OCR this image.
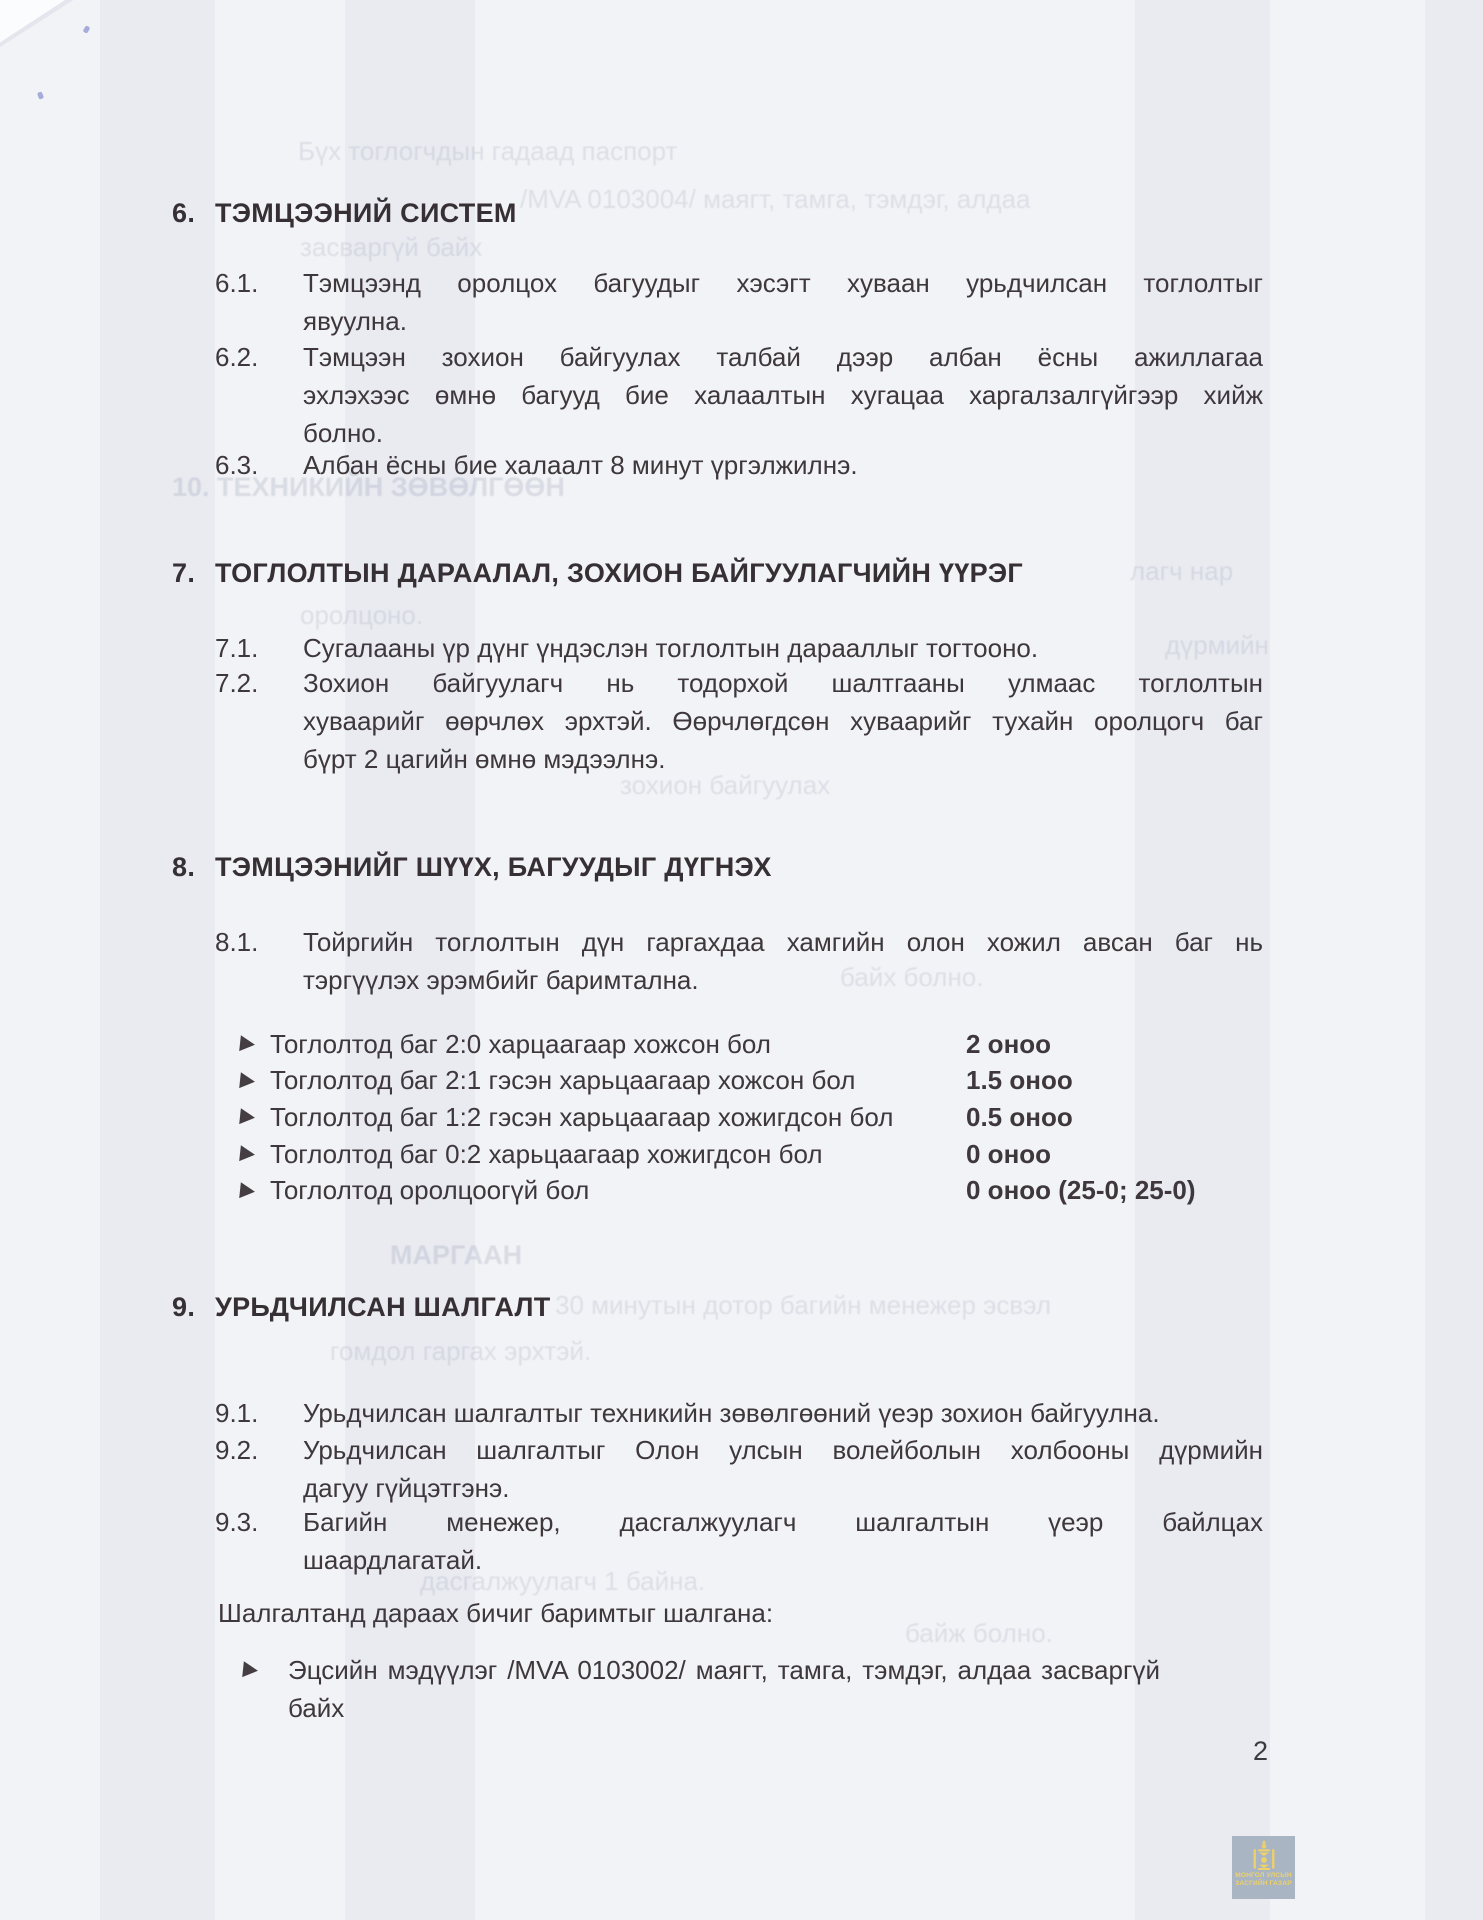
Бүх тоглогчдын гадаад паспорт
/MVA 0103004/ маягт, тамга, тэмдэг, алдаа
засваргүй байх
10. ТЕХНИКИЙН ЗӨВӨЛГӨӨН
лагч нар
оролцоно.
дүрмийн
зохион байгуулах
байх болно.
МАРГААН
30 минутын дотор багийн менежер эсвэл
гомдол гаргах эрхтэй.
дасгалжуулагч 1 байна.
байж болно.
6. ТЭМЦЭЭНИЙ СИСТЕМ
6.1.	Тэмцээнд оролцох багуудыг хэсэгт хуваан урьдчилсан тоглолтыг
явуулна.
6.2.	Тэмцээн зохион байгуулах талбай дээр албан ёсны ажиллагаа
эхлэхээс өмнө багууд бие халаалтын хугацаа харгалзалгүйгээр хийж
болно.
6.3.	Албан ёсны бие халаалт 8 минут үргэлжилнэ.
7. ТОГЛОЛТЫН ДАРААЛАЛ, ЗОХИОН БАЙГУУЛАГЧИЙН ҮҮРЭГ
7.1.	Сугалааны үр дүнг үндэслэн тоглолтын дарааллыг тогтооно.
7.2.	Зохион байгуулагч нь тодорхой шалтгааны улмаас тоглолтын
хуваарийг өөрчлөх эрхтэй. Өөрчлөгдсөн хуваарийг тухайн оролцогч баг
бүрт 2 цагийн өмнө мэдээлнэ.
8. ТЭМЦЭЭНИЙГ ШҮҮХ, БАГУУДЫГ ДҮГНЭХ
8.1.	Тойргийн тоглолтын дүн гаргахдаа хамгийн олон хожил авсан баг нь
тэргүүлэх эрэмбийг баримтална.
Тоглолтод баг 2:0 харцаагаар хожсон бол	2 оноо
Тоглолтод баг 2:1 гэсэн харьцаагаар хожсон бол	1.5 оноо
Тоглолтод баг 1:2 гэсэн харьцаагаар хожигдсон бол	0.5 оноо
Тоглолтод баг 0:2 харьцаагаар хожигдсон бол	0 оноо
Тоглолтод оролцоогүй бол	0 оноо (25-0; 25-0)
9. УРЬДЧИЛСАН ШАЛГАЛТ
9.1.	Урьдчилсан шалгалтыг техникийн зөвөлгөөний үеэр зохион байгуулна.
9.2.	Урьдчилсан шалгалтыг Олон улсын волейболын холбооны дүрмийн
дагуу гүйцэтгэнэ.
9.3.	Багийн менежер, дасгалжуулагч шалгалтын үеэр байлцах
шаардлагатай.
Шалгалтанд дараах бичиг баримтыг шалгана:
Эцсийн мэдүүлэг /MVA 0103002/ маягт, тамга, тэмдэг, алдаа засваргүй
байх
2
МОНГОЛ УЛСЫН
ЗАСГИЙН ГАЗАР
